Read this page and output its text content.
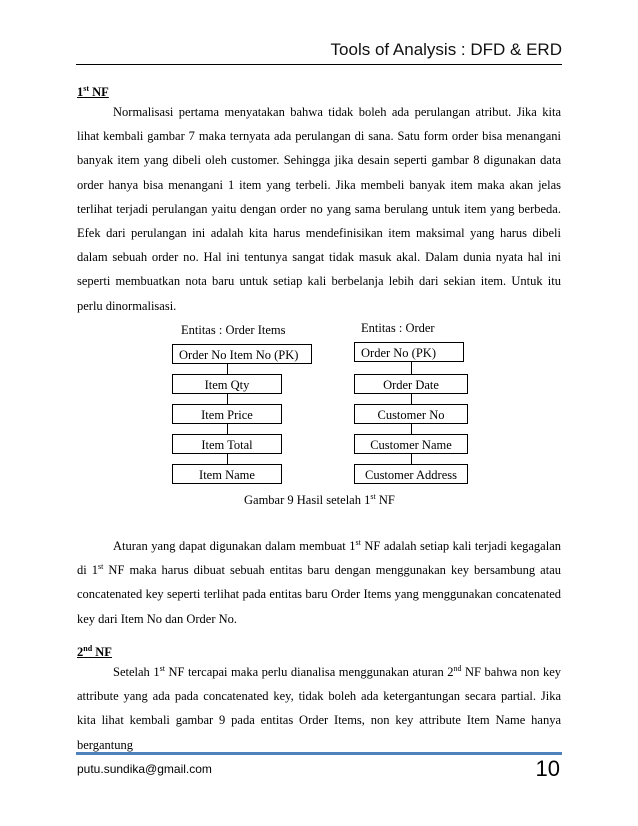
Tools of Analysis : DFD & ERD
1st NF

Normalisasi pertama menyatakan bahwa tidak boleh ada perulangan atribut. Jika kita lihat kembali gambar 7 maka ternyata ada perulangan di sana. Satu form order bisa menangani banyak item yang dibeli oleh customer. Sehingga jika desain seperti gambar 8 digunakan data order hanya bisa menangani 1 item yang terbeli. Jika membeli banyak item maka akan jelas terlihat terjadi perulangan yaitu dengan order no yang sama berulang untuk item yang berbeda. Efek dari perulangan ini adalah kita harus mendefinisikan item maksimal yang harus dibeli dalam sebuah order no. Hal ini tentunya sangat tidak masuk akal. Dalam dunia nyata hal ini seperti membuatkan nota baru untuk setiap kali berbelanja lebih dari sekian item. Untuk itu perlu dinormalisasi.

Entitas : Order Items
Order No Item No (PK)
Item Qty
Item Price
Item Total
Item Name
Entitas : Order
Order No (PK)
Order Date
Customer No
Customer Name
Customer Address
Gambar 9 Hasil setelah 1st NF

Aturan yang dapat digunakan dalam membuat 1st NF adalah setiap kali terjadi kegagalan di 1st NF maka harus dibuat sebuah entitas baru dengan menggunakan key bersambung atau concatenated key seperti terlihat pada entitas baru Order Items yang menggunakan concatenated key dari Item No dan Order No.

2nd NF

Setelah 1st NF tercapai maka perlu dianalisa menggunakan aturan 2nd NF bahwa non key attribute yang ada pada concatenated key, tidak boleh ada ketergantungan secara partial. Jika kita lihat kembali gambar 9 pada entitas Order Items, non key attribute Item Name hanya bergantung

putu.sundika@gmail.com	10
